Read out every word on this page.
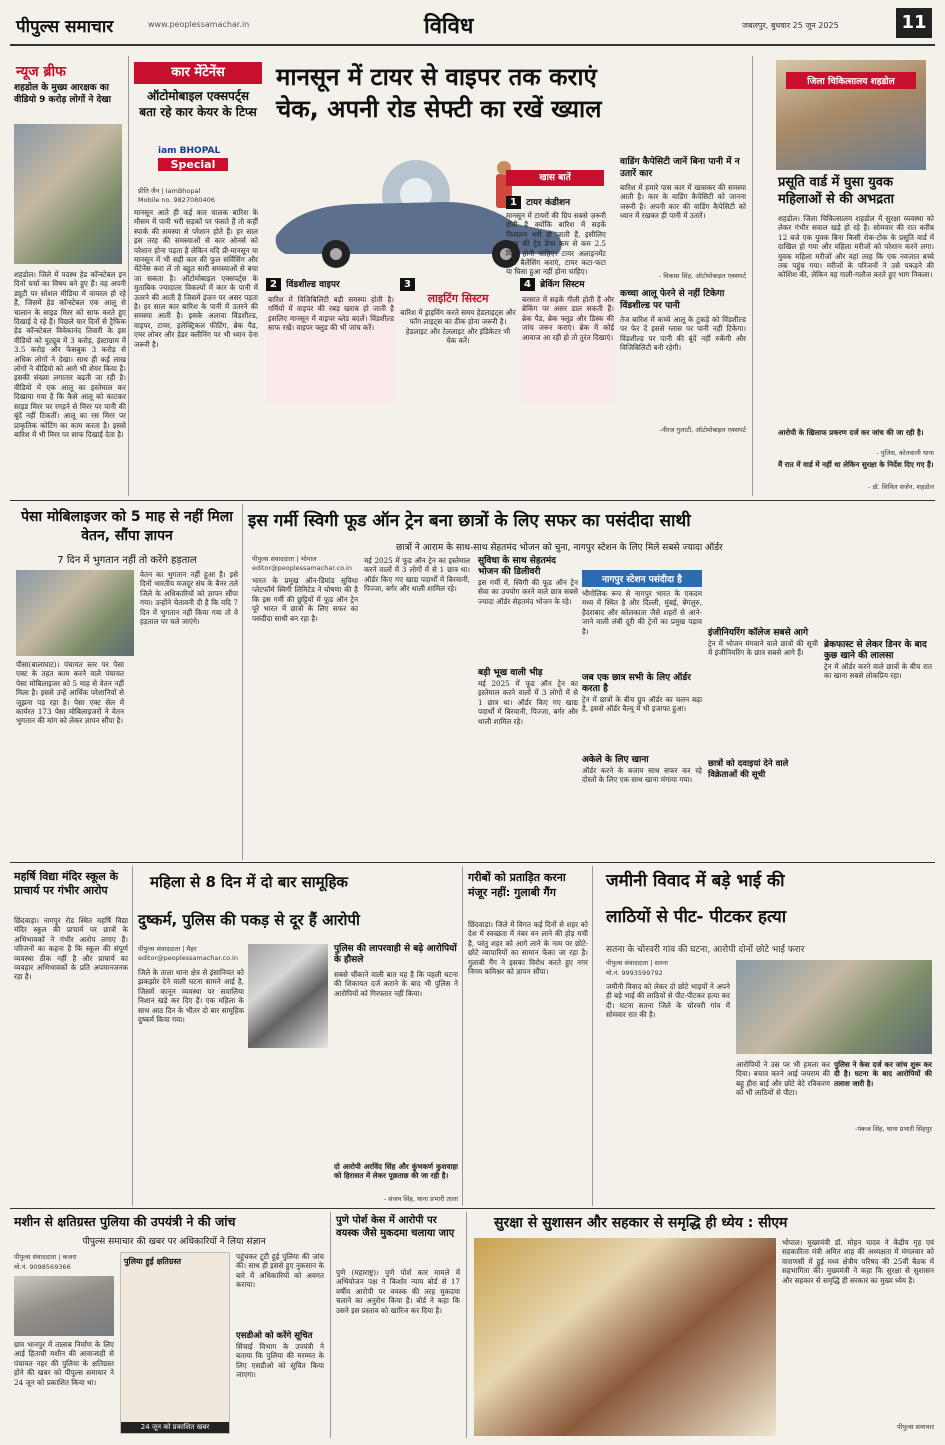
पीपुल्स समाचार	www.peoplessamachar.in	विविध	जबलपुर, बुधवार 25 जून 2025	11
न्यूज ब्रीफ
शहडोल के मुख्य आरक्षक का वीडियो 9 करोड़ लोगों ने देखा
शहडोल। जिले में पदस्थ हेड कॉन्स्टेबल इन दिनों चर्चा का विषय बने हुए हैं। वह अपनी ड्यूटी पर सोशल मीडिया में वायरल हो रहे हैं, जिसमें हेड कॉन्स्टेबल एक आलू से चालान के साइड मिरर को साफ करते हुए दिखाई दे रहे हैं। पिछले चार दिनों से ट्रैफिक हेड कॉन्स्टेबल विवेकानंद तिवारी के इस वीडियो को यूट्यूब में 3 करोड़, इंस्टाग्राम में 3.5 करोड़ और फेसबुक 3 करोड़ से अधिक लोगों ने देखा। साथ ही कई लाख लोगों ने वीडियो को आगे भी शेयर किया है। इसकी संख्या लगातार बढ़ती जा रही है। वीडियो में एक आलू का इस्तेमाल कर दिखाया गया है कि कैसे आलू को काटकर साइड मिरर पर रगड़ने से मिरर पर पानी की बूंदें नहीं टिकतीं। आलू का रस मिरर पर प्राकृतिक कोटिंग का काम करता है। इससे बारिश में भी मिरर पर साफ दिखाई देता है।
कार मेंटेनेंस
ऑटोमोबाइल एक्सपर्ट्स बता रहे कार केयर के टिप्स
iam BHOPAL
Special
प्रीति जैन | IamBhopal
Mobile no. 9827080406
मानसून आते ही कई कार चालक बारिश के मौसम में पानी भरी सड़कों पर फंसते हैं तो कहीं स्पार्क की समस्या से परेशान होते हैं। हर साल इस तरह की समस्याओं से कार ओनर्स को परेशान होना पड़ता है लेकिन यदि प्री-मानसून या मानसून में भी सही कार की फुल सर्विसिंग और मेंटेनेंस करा लें तो बहुत सारी समस्याओं से बचा जा सकता है। ऑटोमोबाइल एक्सपर्ट्स के मुताबिक ज्यादातर विकल्पों में कार के पानी में उतरने की आती है जिसमें इंजन पर असर पड़ता है। हर साल कार बारिश के पानी में उतरने की समस्या आती है। इसके अलावा विंडशील्ड, वाइपर, टायर, इलेक्ट्रिकल फीटिंग, ब्रेक पैड, एयर लोवर और हेडर क्लीनिंग पर भी ध्यान देना जरूरी है।
मानसून में टायर से वाइपर तक कराएं
चेक, अपनी रोड सेफ्टी का रखें ख्याल
खास बातें
1 टायर कंडीशन
मानसून में टायरों की ग्रिप सबसे ज़रूरी होती है क्योंकि बारिश में सड़कें फिसलन भरी हो जाती हैं, इसीलिए टायर की ट्रेड डेप्थ कम से कम 2.5 मिमी होनी चाहिए। टायर अलाइनमेंट और बैलेंसिंग कराएं, टायर कटा-फटा या घिसा हुआ नहीं होना चाहिए।
2 विंडशील्ड वाइपर
बारिश में विजिबिलिटी बड़ी समस्या होती है। गर्मियों में वाइपर की रबड़ खराब हो जाती है इसलिए मानसून में वाइपर ब्लेड बदलें। विंडशील्ड साफ रखें। वाइपर फ्लुड की भी जांच करें।
3
लाइटिंग सिस्टम
बारिश में ड्राइविंग करते समय हेडलाइट्स और फॉग लाइट्स का ठीक होना जरूरी है। हेडलाइट और टेललाइट और इंडिकेटर भी चेक करें।
4 ब्रेकिंग सिस्टम
बरसात में सड़कें गीली होती हैं और ब्रेकिंग पर असर डाल सकती हैं। ब्रेक पैड, ब्रेक फ्लूड और डिस्क की जांच जरूर कराएं। ब्रेक में कोई आवाज आ रही हो तो तुरंत दिखाएं।
वाडिंग कैपेसिटी जानें बिना पानी में न उतारें कार
बारिश में हमारे पास कार में खासकर की समस्या आती है। कार के वाडिंग कैपेसिटी को जानना जरूरी है। अपनी कार की वाडिंग कैपेसिटी को ध्यान में रखकर ही पानी में उतारें।
- विकास सिंह, ऑटोमोबाइल एक्सपर्ट
कच्चा आलू फेरने से नहीं टिकेगा विंडशील्ड पर पानी
तेज बारिश में कच्चे आलू के टुकड़े को विंडशील्ड पर फेर दें इससे ग्लास पर पानी नहीं टिकेगा। विंडशील्ड पर पानी की बूंदें नहीं रुकेंगी और विजिबिलिटी बनी रहेगी।
-नीरज गुलाटी, ऑटोमोबाइल एक्सपर्ट
जिला चिकित्सालय शहडोल
प्रसूति वार्ड में घुसा युवक महिलाओं से की अभद्रता
शहडोल। जिला चिकित्सालय शहडोल में सुरक्षा व्यवस्था को लेकर गंभीर सवाल खड़े हो रहे हैं। सोमवार की रात करीब 12 बजे एक युवक बिना किसी रोक-टोक के प्रसूति वार्ड में दाखिल हो गया और महिला मरीजों को परेशान करने लगा। युवक महिला मरीजों और वहां तरह कि एक नवजात बच्चे तक पहुंच गया। मरीजों के परिजनों ने उसे पकड़ने की कोशिश की, लेकिन वह गाली-गलौज करते हुए भाग निकला।
आरोपी के खिलाफ प्रकरण दर्ज कर जांच की जा रही है।
- पुलिस, कोतवाली थाना
मैं रात में वार्ड में नहीं था लेकिन सुरक्षा के निर्देश दिए गए हैं।
- डॉ. सिविल सर्जन, शहडोल
पेसा मोबिलाइजर को 5 माह से नहीं मिला वेतन, सौंपा ज्ञापन
7 दिन में भुगतान नहीं तो करेंगे हड़ताल
पीसा(बालाघाट)। पंचायत स्तर पर पेसा एक्ट के तहत काम करने वाले पंचायत पेसा मोबिलाइजर को 5 माह से वेतन नहीं मिला है। इससे उन्हें आर्थिक परेशानियों से जूझना पड़ रहा है। पेसा एक्ट सेल में कार्यरत 173 पेसा मोबिलाइजरों ने वेतन भुगतान की मांग को लेकर ज्ञापन सौंपा है।
वेतन का भुगतान नहीं हुआ है। इसे दिनों भारतीय मजदूर संघ के बैनर तले जिले के अधिकारियों को ज्ञापन सौंपा गया। उन्होंने चेतावनी दी है कि यदि 7 दिन में भुगतान नहीं किया गया तो वे हड़ताल पर चले जाएंगे।
इस गर्मी स्विगी फूड ऑन ट्रेन बना छात्रों के लिए सफर का पसंदीदा साथी
छात्रों ने आराम के साथ-साथ सेहतमंद भोजन को चुना, नागपुर स्टेशन के लिए मिले सबसे ज्यादा ऑर्डर
पीपुल्स संवाददाता | भोपाल
editor@peoplessamachar.co.in
भारत के प्रमुख ऑन-डिमांड सुविधा प्लेटफॉर्म स्विगी लिमिटेड ने घोषणा की है कि इस गर्मी की छुट्टियों में फूड ऑन ट्रेन पूरे भारत में छात्रों के लिए सफर का पसंदीदा साथी बन रहा है।
मई 2025 में फूड ऑन ट्रेन का इस्तेमाल करने वालों में 3 लोगों में से 1 छात्र था। ऑर्डर किए गए खाद्य पदार्थों में बिरयानी, पिज्जा, बर्गर और थाली शामिल रहे।
सुविधा के साथ सेहतमंद भोजन की डिलीवरी
इस गर्मी में, स्विगी की फूड ऑन ट्रेन सेवा का उपयोग करने वाले छात्र सबसे ज्यादा ऑर्डर सेहतमंद भोजन के रहे।
बड़ी भूख वाली भीड़
मई 2025 में फूड ऑन ट्रेन का इस्तेमाल करने वालों में 3 लोगों में से 1 छात्र था। ऑर्डर किए गए खाद्य पदार्थों में बिरयानी, पिज्जा, बर्गर और थाली शामिल रहे।
नागपुर स्टेशन पसंदीदा है
भौगोलिक रूप से नागपुर भारत के एकदम मध्य में स्थित है और दिल्ली, मुंबई, बेंगलुरु, हैदराबाद और कोलकाता जैसे शहरों से आने-जाने वाली लंबी दूरी की ट्रेनों का प्रमुख पड़ाव है।
जब एक छात्र सभी के लिए ऑर्डर करता है
ट्रेन में छात्रों के बीच ग्रुप ऑर्डर का चलन बढ़ा है, इससे ऑर्डर वैल्यू में भी इजाफा हुआ।
अकेले के लिए खाना
ऑर्डर करने के बजाय साथ सफर कर रहे दोस्तों के लिए एक साथ खाना मंगाया गया।
इंजीनियरिंग कॉलेज सबसे आगे
ट्रेन में भोजन मंगवाने वाले छात्रों की सूची में इंजीनियरिंग के छात्र सबसे आगे हैं।
छात्रों को दवाइयां देने वाले विक्रेताओं की सूची
ब्रेकफास्ट से लेकर डिनर के बाद कुछ खाने की लालसा
ट्रेन में ऑर्डर करने वाले छात्रों के बीच रात का खाना सबसे लोकप्रिय रहा।
महर्षि विद्या मंदिर स्कूल के प्राचार्य पर गंभीर आरोप
छिंदवाड़ा। नागपुर रोड स्थित महर्षि विद्या मंदिर स्कूल की प्राचार्य पर छात्रों के अभिभावकों ने गंभीर आरोप लगाए हैं। परिजनों का कहना है कि स्कूल की संपूर्ण व्यवस्था ठीक नहीं है और प्राचार्य का व्यवहार अभिभावकों के प्रति अपमानजनक रहा है।
महिला से 8 दिन में दो बार सामूहिक
दुष्कर्म, पुलिस की पकड़ से दूर हैं आरोपी
पीपुल्स संवाददाता | मैहर
editor@peoplessamachar.co.in
जिले के ताला थाना क्षेत्र से इंसानियत को झकझोर देने वाली घटना सामने आई है, जिसमें कानून व्यवस्था पर सवालिया निशान खड़े कर दिए हैं। एक महिला के साथ आठ दिन के भीतर दो बार सामूहिक दुष्कर्म किया गया।
पुलिस की लापरवाही से बढ़े आरोपियों के हौसले
सबसे चौंकाने वाली बात यह है कि पहली घटना की शिकायत दर्ज कराने के बाद भी पुलिस ने आरोपियों को गिरफ्तार नहीं किया।
दो आरोपी अरविंद सिंह और कुंभकर्ण कुशवाहा को हिरासत में लेकर पूछताछ की जा रही है।
- संजय सिंह, थाना प्रभारी ताला
गरीबों को प्रताड़ित करना मंजूर नहीं: गुलाबी गैंग
छिंदवाड़ा। जिले में विगत कई दिनों से शहर को देश में स्वच्छता में नंबर वन लाने की होड़ मची है, परंतु शहर को आगे लाने के नाम पर छोटे-छोटे व्यापारियों का सामान फेंका जा रहा है। गुलाबी गैंग ने इसका विरोध करते हुए नगर निगम कमिश्नर को ज्ञापन सौंपा।
जमीनी विवाद में बड़े भाई की
लाठियों से पीट- पीटकर हत्या
सतना के चोरवरी गांव की घटना, आरोपी दोनों छोटे भाई फरार
पीपुल्स संवाददाता | सतना
मो.नं. 9993599792
जमीनी विवाद को लेकर दो छोटे भाइयों ने अपने ही बड़े भाई की लाठियों से पीट-पीटकर हत्या कर दी। घटना सतना जिले के चोरवरी गांव में सोमवार रात की है।
आरोपियों ने उस पर भी हमला कर दिया। बचाव करने आई जयराम की बहू हीरा बाई और छोटे बेटे रविकरण को भी लाठियों से पीटा।
पुलिस ने केस दर्ज कर जांच शुरू कर दी है। घटना के बाद आरोपियों की तलाश जारी है।
-पंकज सिंह, थाना प्रभारी सिंहपुर
मशीन से क्षतिग्रस्त पुलिया की उपयंत्री ने की जांच
पीपुल्स समाचार की खबर पर अधिकारियों ने लिया संज्ञान
पीपुल्स संवाददाता | कजरा
मो.नं. 9098569366
पुलिया हुई क्षतिग्रस्त
24 जून को प्रकाशित खबर
ग्राम भानपुर में तालाब निर्माण के लिए आई हिताची मशीन की आवाजाही से पंचायत नहर की पुलिया के क्षतिग्रस्त होने की खबर को पीपुल्स समाचार ने 24 जून को प्रकाशित किया था।
पहुंचकर टूटी हुई पुलिया की जांच की। साथ ही इससे हुए नुकसान के बारे में अधिकारियों को अवगत कराया।
एसडीओ को करेंगे सूचित
सिंचाई विभाग के उपयंत्री ने बताया कि पुलिया की मरम्मत के लिए एसडीओ को सूचित किया जाएगा।
पुणे पोर्श केस में आरोपी पर वयस्क जैसे मुकदमा चलाया जाए
पुणे (महाराष्ट्र)। पुणे पोर्श कार मामले में अभियोजन पक्ष ने किशोर न्याय बोर्ड से 17 वर्षीय आरोपी पर वयस्क की तरह मुकदमा चलाने का अनुरोध किया है। बोर्ड ने कहा कि उसने इस प्रस्ताव को खारिज कर दिया है।
सुरक्षा से सुशासन और सहकार से समृद्धि ही ध्येय : सीएम
भोपाल। मुख्यमंत्री डॉ. मोहन यादव ने केंद्रीय गृह एवं सहकारिता मंत्री अमित शाह की अध्यक्षता में मंगलवार को वाराणसी में हुई मध्य क्षेत्रीय परिषद की 25वीं बैठक में सहभागिता की। मुख्यमंत्री ने कहा कि सुरक्षा से सुशासन और सहकार से समृद्धि ही सरकार का मुख्य ध्येय है।
पीपुल्स समाचार
